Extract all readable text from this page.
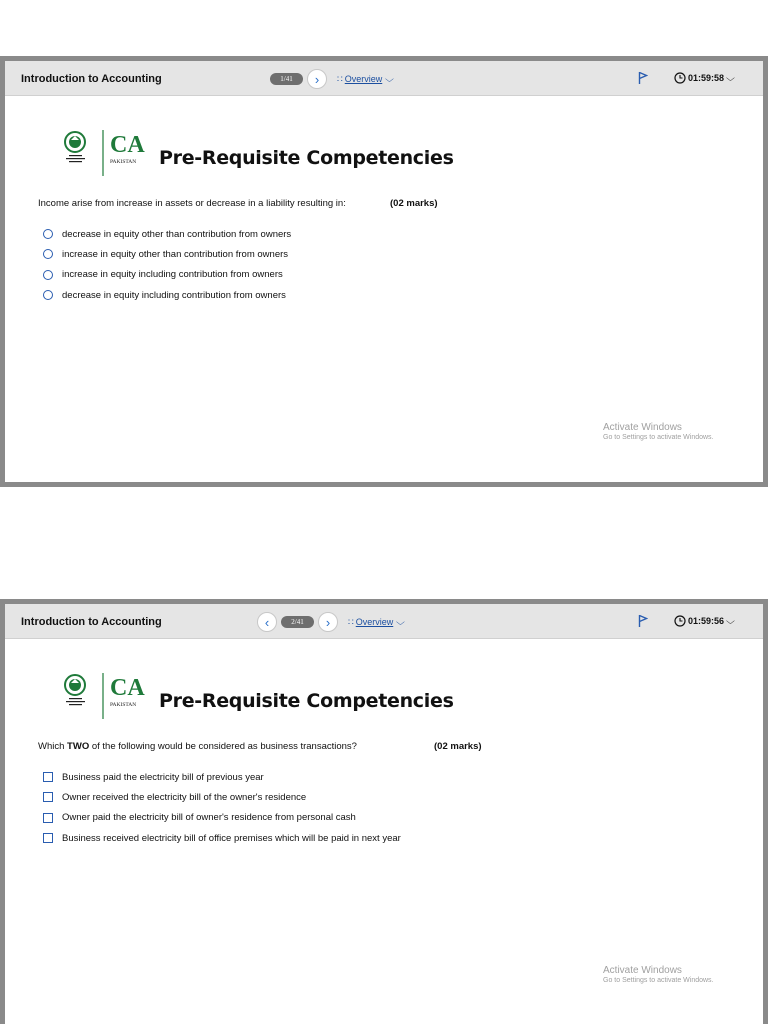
Introduction to Accounting	1/41	› ∷ Overview ⌵	01:59:58 ⌵
CA
PAKISTAN Pre-Requisite Competencies
Income arise from increase in assets or decrease in a liability resulting in:	(02 marks)
decrease in equity other than contribution from owners
increase in equity other than contribution from owners
increase in equity including contribution from owners
decrease in equity including contribution from owners
Activate Windows
Go to Settings to activate Windows.
Introduction to Accounting	‹	2/41	› ∷ Overview ⌵	01:59:56 ⌵
CA
PAKISTAN Pre-Requisite Competencies
Which TWO of the following would be considered as business transactions?	(02 marks)
Business paid the electricity bill of previous year
Owner received the electricity bill of the owner's residence
Owner paid the electricity bill of owner's residence from personal cash
Business received electricity bill of office premises which will be paid in next year
Activate Windows
Go to Settings to activate Windows.
